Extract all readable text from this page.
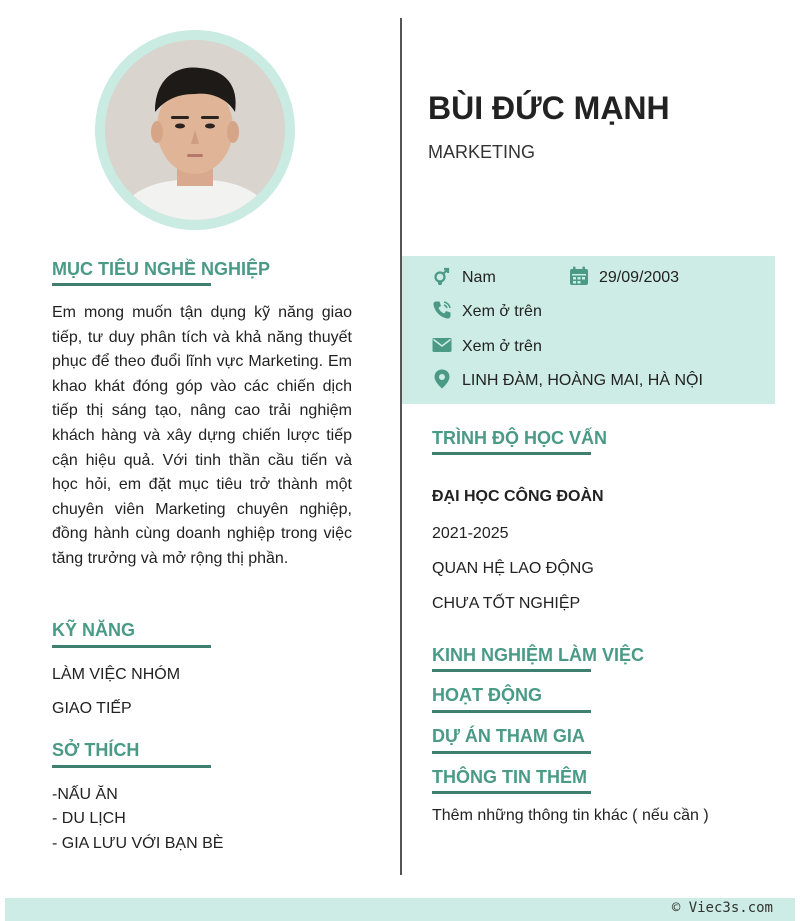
MỤC TIÊU NGHỀ NGHIỆP
Em mong muốn tận dụng kỹ năng giao tiếp, tư duy phân tích và khả năng thuyết phục để theo đuổi lĩnh vực Marketing. Em khao khát đóng góp vào các chiến dịch tiếp thị sáng tạo, nâng cao trải nghiệm khách hàng và xây dựng chiến lược tiếp cận hiệu quả. Với tinh thần cầu tiến và học hỏi, em đặt mục tiêu trở thành một chuyên viên Marketing chuyên nghiệp, đồng hành cùng doanh nghiệp trong việc tăng trưởng và mở rộng thị phần.
KỸ NĂNG
LÀM VIỆC NHÓM
GIAO TIẾP
SỞ THÍCH
-NẤU ĂN
- DU LỊCH
- GIA LƯU VỚI BẠN BÈ
BÙI ĐỨC MẠNH
MARKETING
Nam	29/09/2003
Xem ở trên
Xem ở trên
LINH ĐÀM, HOÀNG MAI, HÀ NỘI
TRÌNH ĐỘ HỌC VẤN
ĐẠI HỌC CÔNG ĐOÀN
2021-2025
QUAN HỆ LAO ĐỘNG
CHƯA TỐT NGHIỆP
KINH NGHIỆM LÀM VIỆC
HOẠT ĐỘNG
DỰ ÁN THAM GIA
THÔNG TIN THÊM
Thêm những thông tin khác ( nếu cần )
© Viec3s.com
